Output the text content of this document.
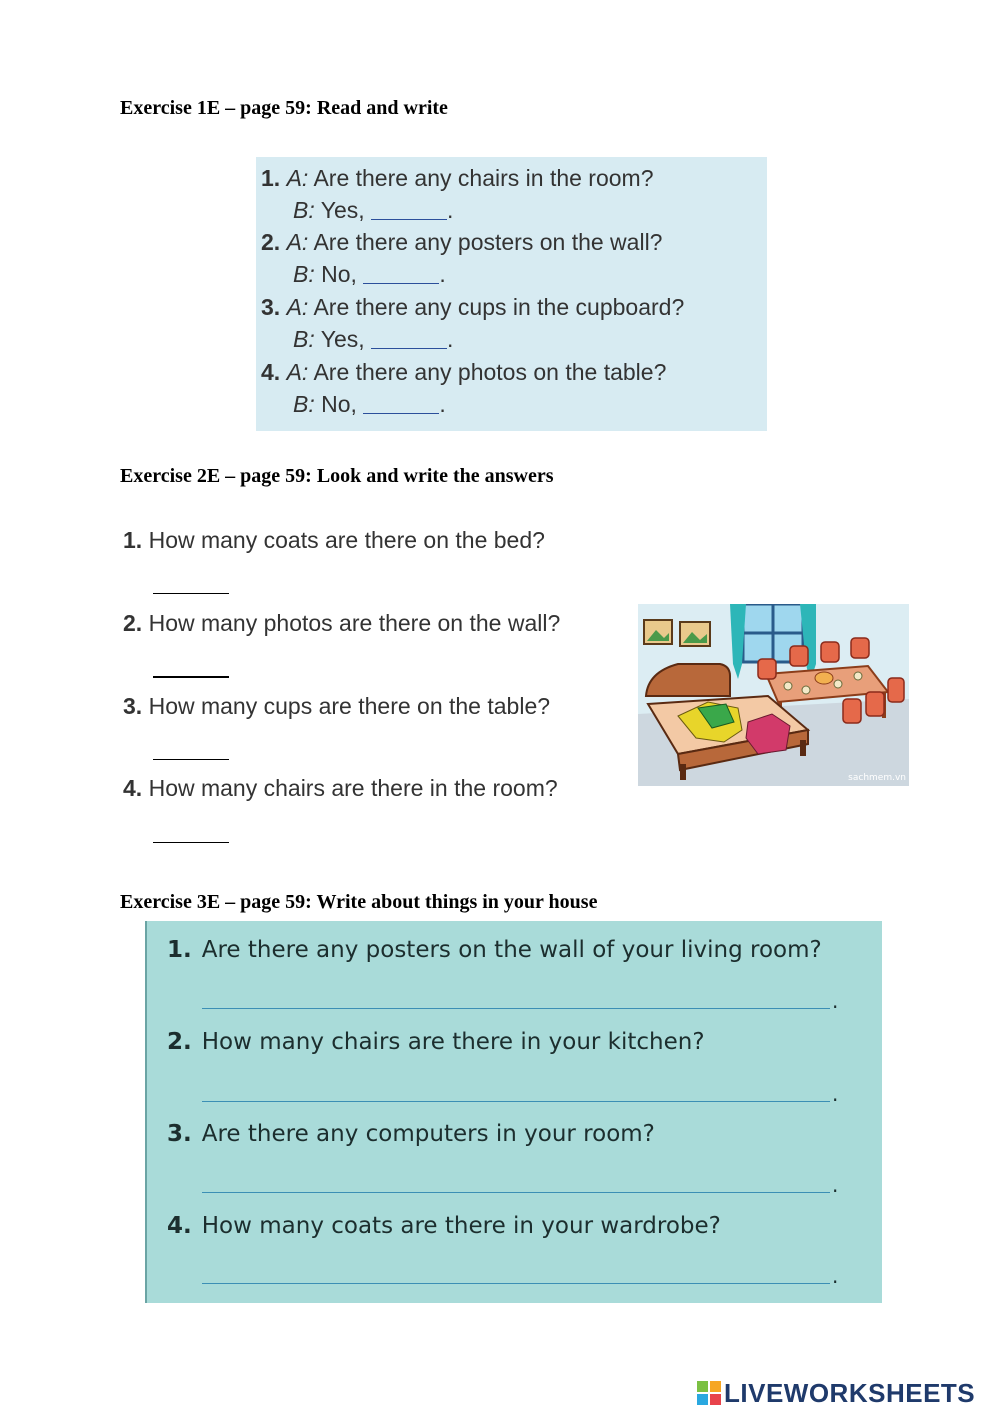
Exercise 1E – page 59: Read and write
1. A: Are there any chairs in the room?
B: Yes,	.
2. A: Are there any posters on the wall?
B: No,	.
3. A: Are there any cups in the cupboard?
B: Yes,	.
4. A: Are there any photos on the table?
B: No,	.
Exercise 2E – page 59: Look and write the answers
1. How many coats are there on the bed?
2. How many photos are there on the wall?
3. How many cups are there on the table?
4. How many chairs are there in the room?	sachmem.vn
Exercise 3E – page 59: Write about things in your house
1. Are there any posters on the wall of your living room?
.
2. How many chairs are there in your kitchen?
.
3. Are there any computers in your room?
.
4. How many coats are there in your wardrobe?
.
LIVEWORKSHEETS
